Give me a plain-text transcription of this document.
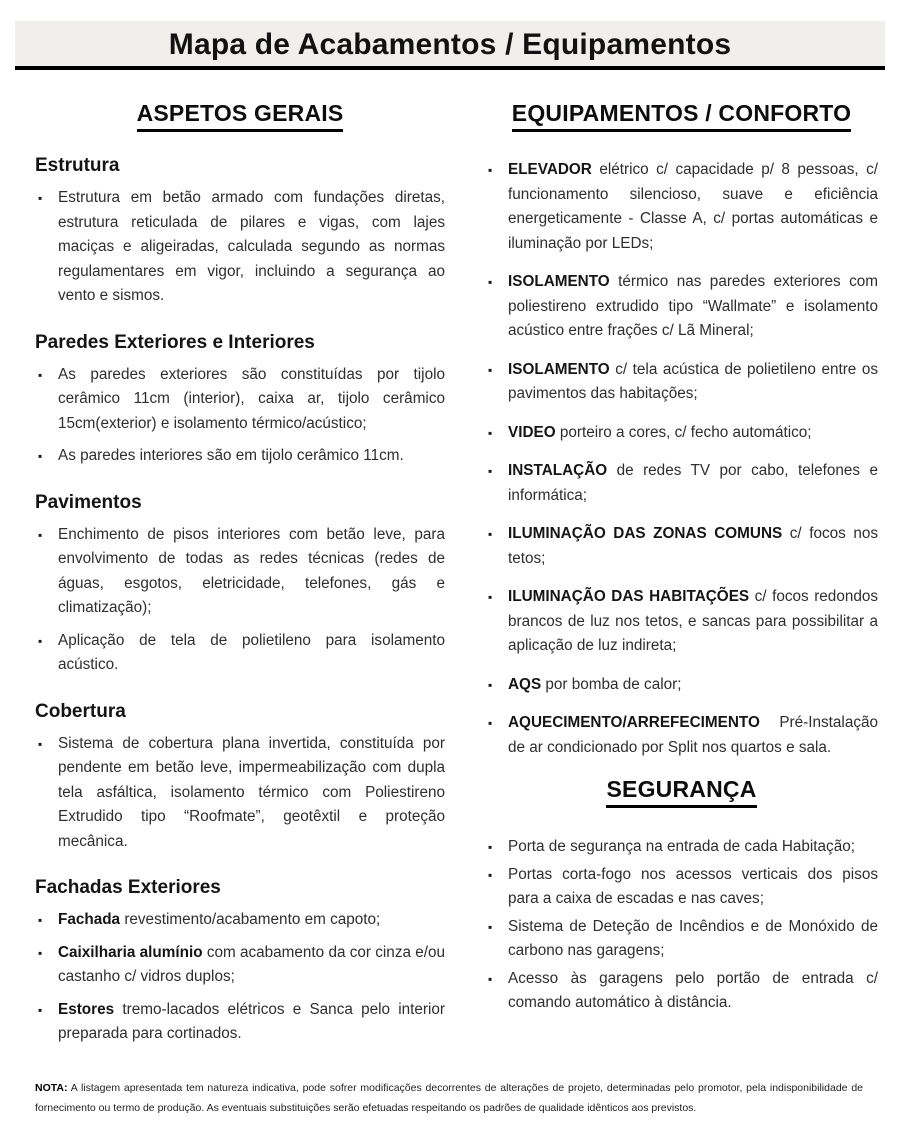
Mapa de Acabamentos / Equipamentos
ASPETOS GERAIS
Estrutura
▪	Estrutura em betão armado com fundações diretas, estrutura reticulada de pilares e vigas, com lajes maciças e aligeiradas, calculada segundo as normas regulamentares em vigor, incluindo a segurança ao vento e sismos.

Paredes Exteriores e Interiores
▪	As paredes exteriores são constituídas por tijolo cerâmico 11cm (interior), caixa ar, tijolo cerâmico 15cm(exterior) e isolamento térmico/acústico;

▪	As paredes interiores são em tijolo cerâmico 11cm.

Pavimentos
▪	Enchimento de pisos interiores com betão leve, para envolvimento de todas as redes técnicas (redes de águas, esgotos, eletricidade, telefones, gás e climatização);

▪	Aplicação de tela de polietileno para isolamento acústico.

Cobertura
▪	Sistema de cobertura plana invertida, constituída por pendente em betão leve, impermeabilização com dupla tela asfáltica, isolamento térmico com Poliestireno Extrudido tipo “Roofmate”, geotêxtil e proteção mecânica.

Fachadas Exteriores
▪	Fachada revestimento/acabamento em capoto;

▪	Caixilharia alumínio com acabamento da cor cinza e/ou castanho c/ vidros duplos;

▪	Estores tremo-lacados elétricos e Sanca pelo interior preparada para cortinados.

EQUIPAMENTOS / CONFORTO
▪	ELEVADOR elétrico c/ capacidade p/ 8 pessoas, c/ funcionamento silencioso, suave e eficiência energeticamente - Classe A, c/ portas automáticas e iluminação por LEDs;

▪	ISOLAMENTO térmico nas paredes exteriores com poliestireno extrudido tipo “Wallmate” e isolamento acústico entre frações c/ Lã Mineral;

▪	ISOLAMENTO c/ tela acústica de polietileno entre os pavimentos das habitações;

▪	VIDEO porteiro a cores, c/ fecho automático;

▪	INSTALAÇÃO de redes TV por cabo, telefones e informática;

▪	ILUMINAÇÃO DAS ZONAS COMUNS c/ focos nos tetos;

▪	ILUMINAÇÃO DAS HABITAÇÕES c/ focos redondos brancos de luz nos tetos, e sancas para possibilitar a aplicação de luz indireta;

▪	AQS por bomba de calor;

▪	AQUECIMENTO/ARREFECIMENTO Pré-Instalação de ar condicionado por Split nos quartos e sala.

SEGURANÇA
▪	Porta de segurança na entrada de cada Habitação;

▪	Portas corta-fogo nos acessos verticais dos pisos para a caixa de escadas e nas caves;

▪	Sistema de Deteção de Incêndios e de Monóxido de carbono nas garagens;

▪	Acesso às garagens pelo portão de entrada c/ comando automático à distância.

NOTA: A listagem apresentada tem natureza indicativa, pode sofrer modificações decorrentes de alterações de projeto, determinadas pelo promotor, pela indisponibilidade de fornecimento ou termo de produção. As eventuais substituições serão efetuadas respeitando os padrões de qualidade idênticos aos previstos.
